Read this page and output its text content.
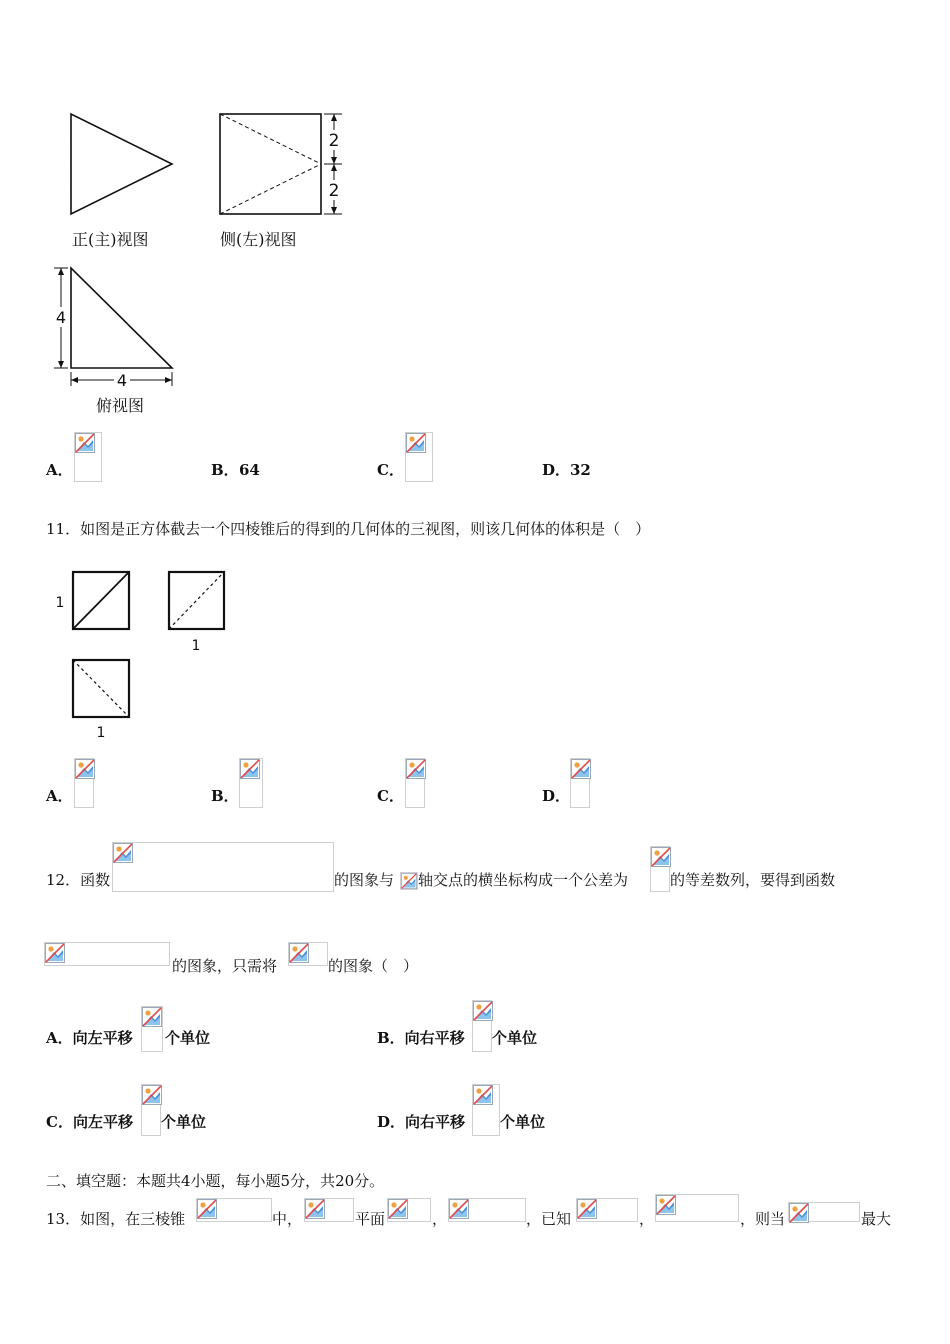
2
2
4
4
正(主)视图	侧(左)视图
俯视图
A．	B． 64	C．	D． 32
11．如图是正方体截去一个四棱锥后的得到的几何体的三视图，则该几何体的体积是（　）
1
1
1
A．	B．	C．	D．
12．函数	的图象与 轴交点的横坐标构成一个公差为	的等差数列，要得到函数
的图象，只需将	的图象（　）
A．向左平移 个单位	B．向右平移 个单位
C．向左平移 个单位	D．向右平移 个单位
二、填空题：本题共4小题，每小题5分，共20分。
13．如图，在三棱锥	中，	平面	，	，已知	，	，则当	最大
